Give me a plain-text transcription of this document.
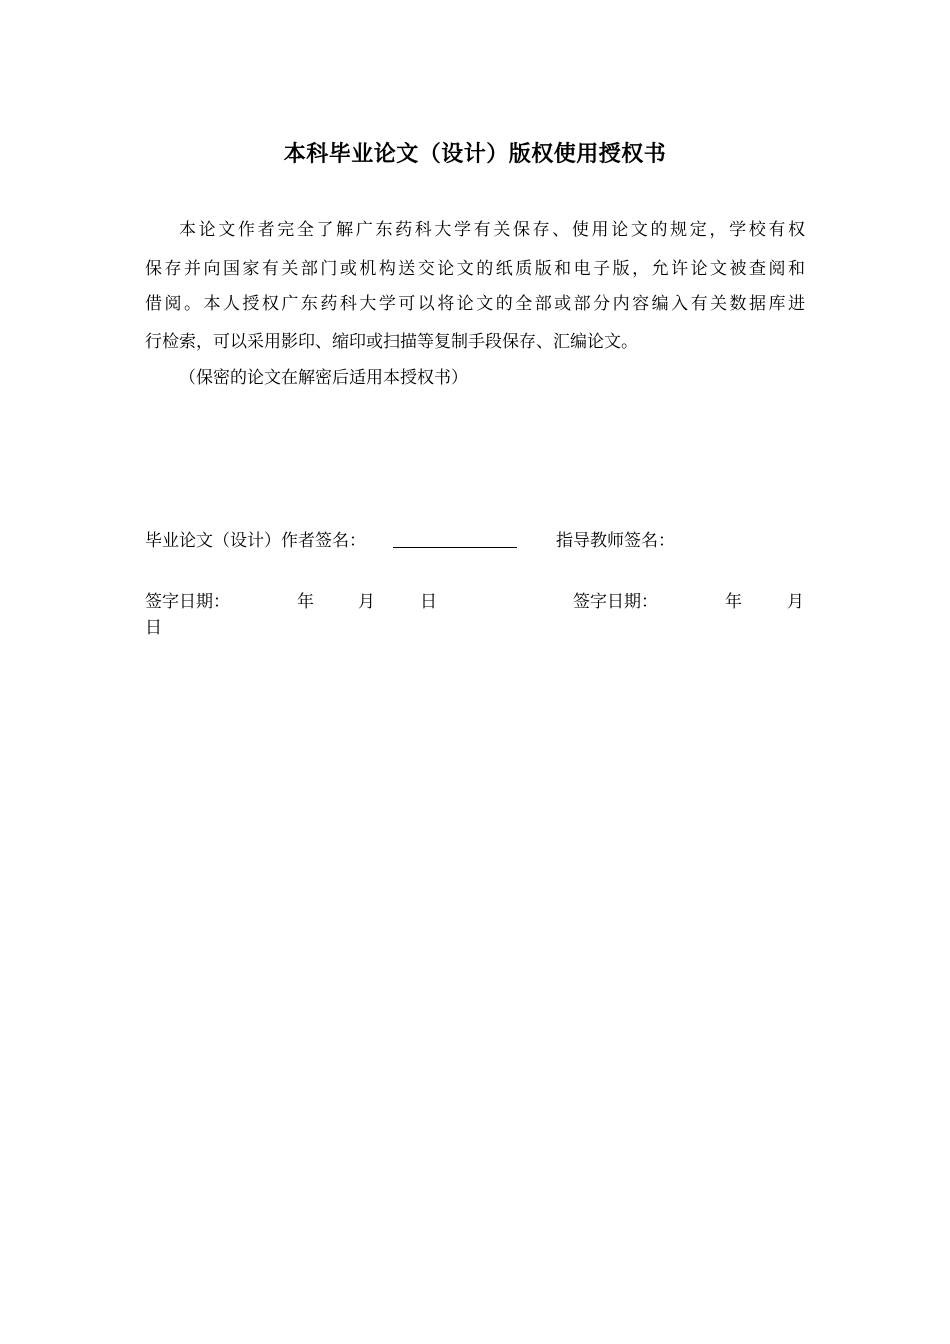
本科毕业论文（设计）版权使用授权书
本论文作者完全了解广东药科大学有关保存、使用论文的规定，学校有权
保存并向国家有关部门或机构送交论文的纸质版和电子版，允许论文被查阅和
借阅。本人授权广东药科大学可以将论文的全部或部分内容编入有关数据库进
行检索，可以采用影印、缩印或扫描等复制手段保存、汇编论文。
（保密的论文在解密后适用本授权书）
毕业论文（设计）作者签名：	指导教师签名：
签字日期：	年	月	日	签字日期：	年	月
日
